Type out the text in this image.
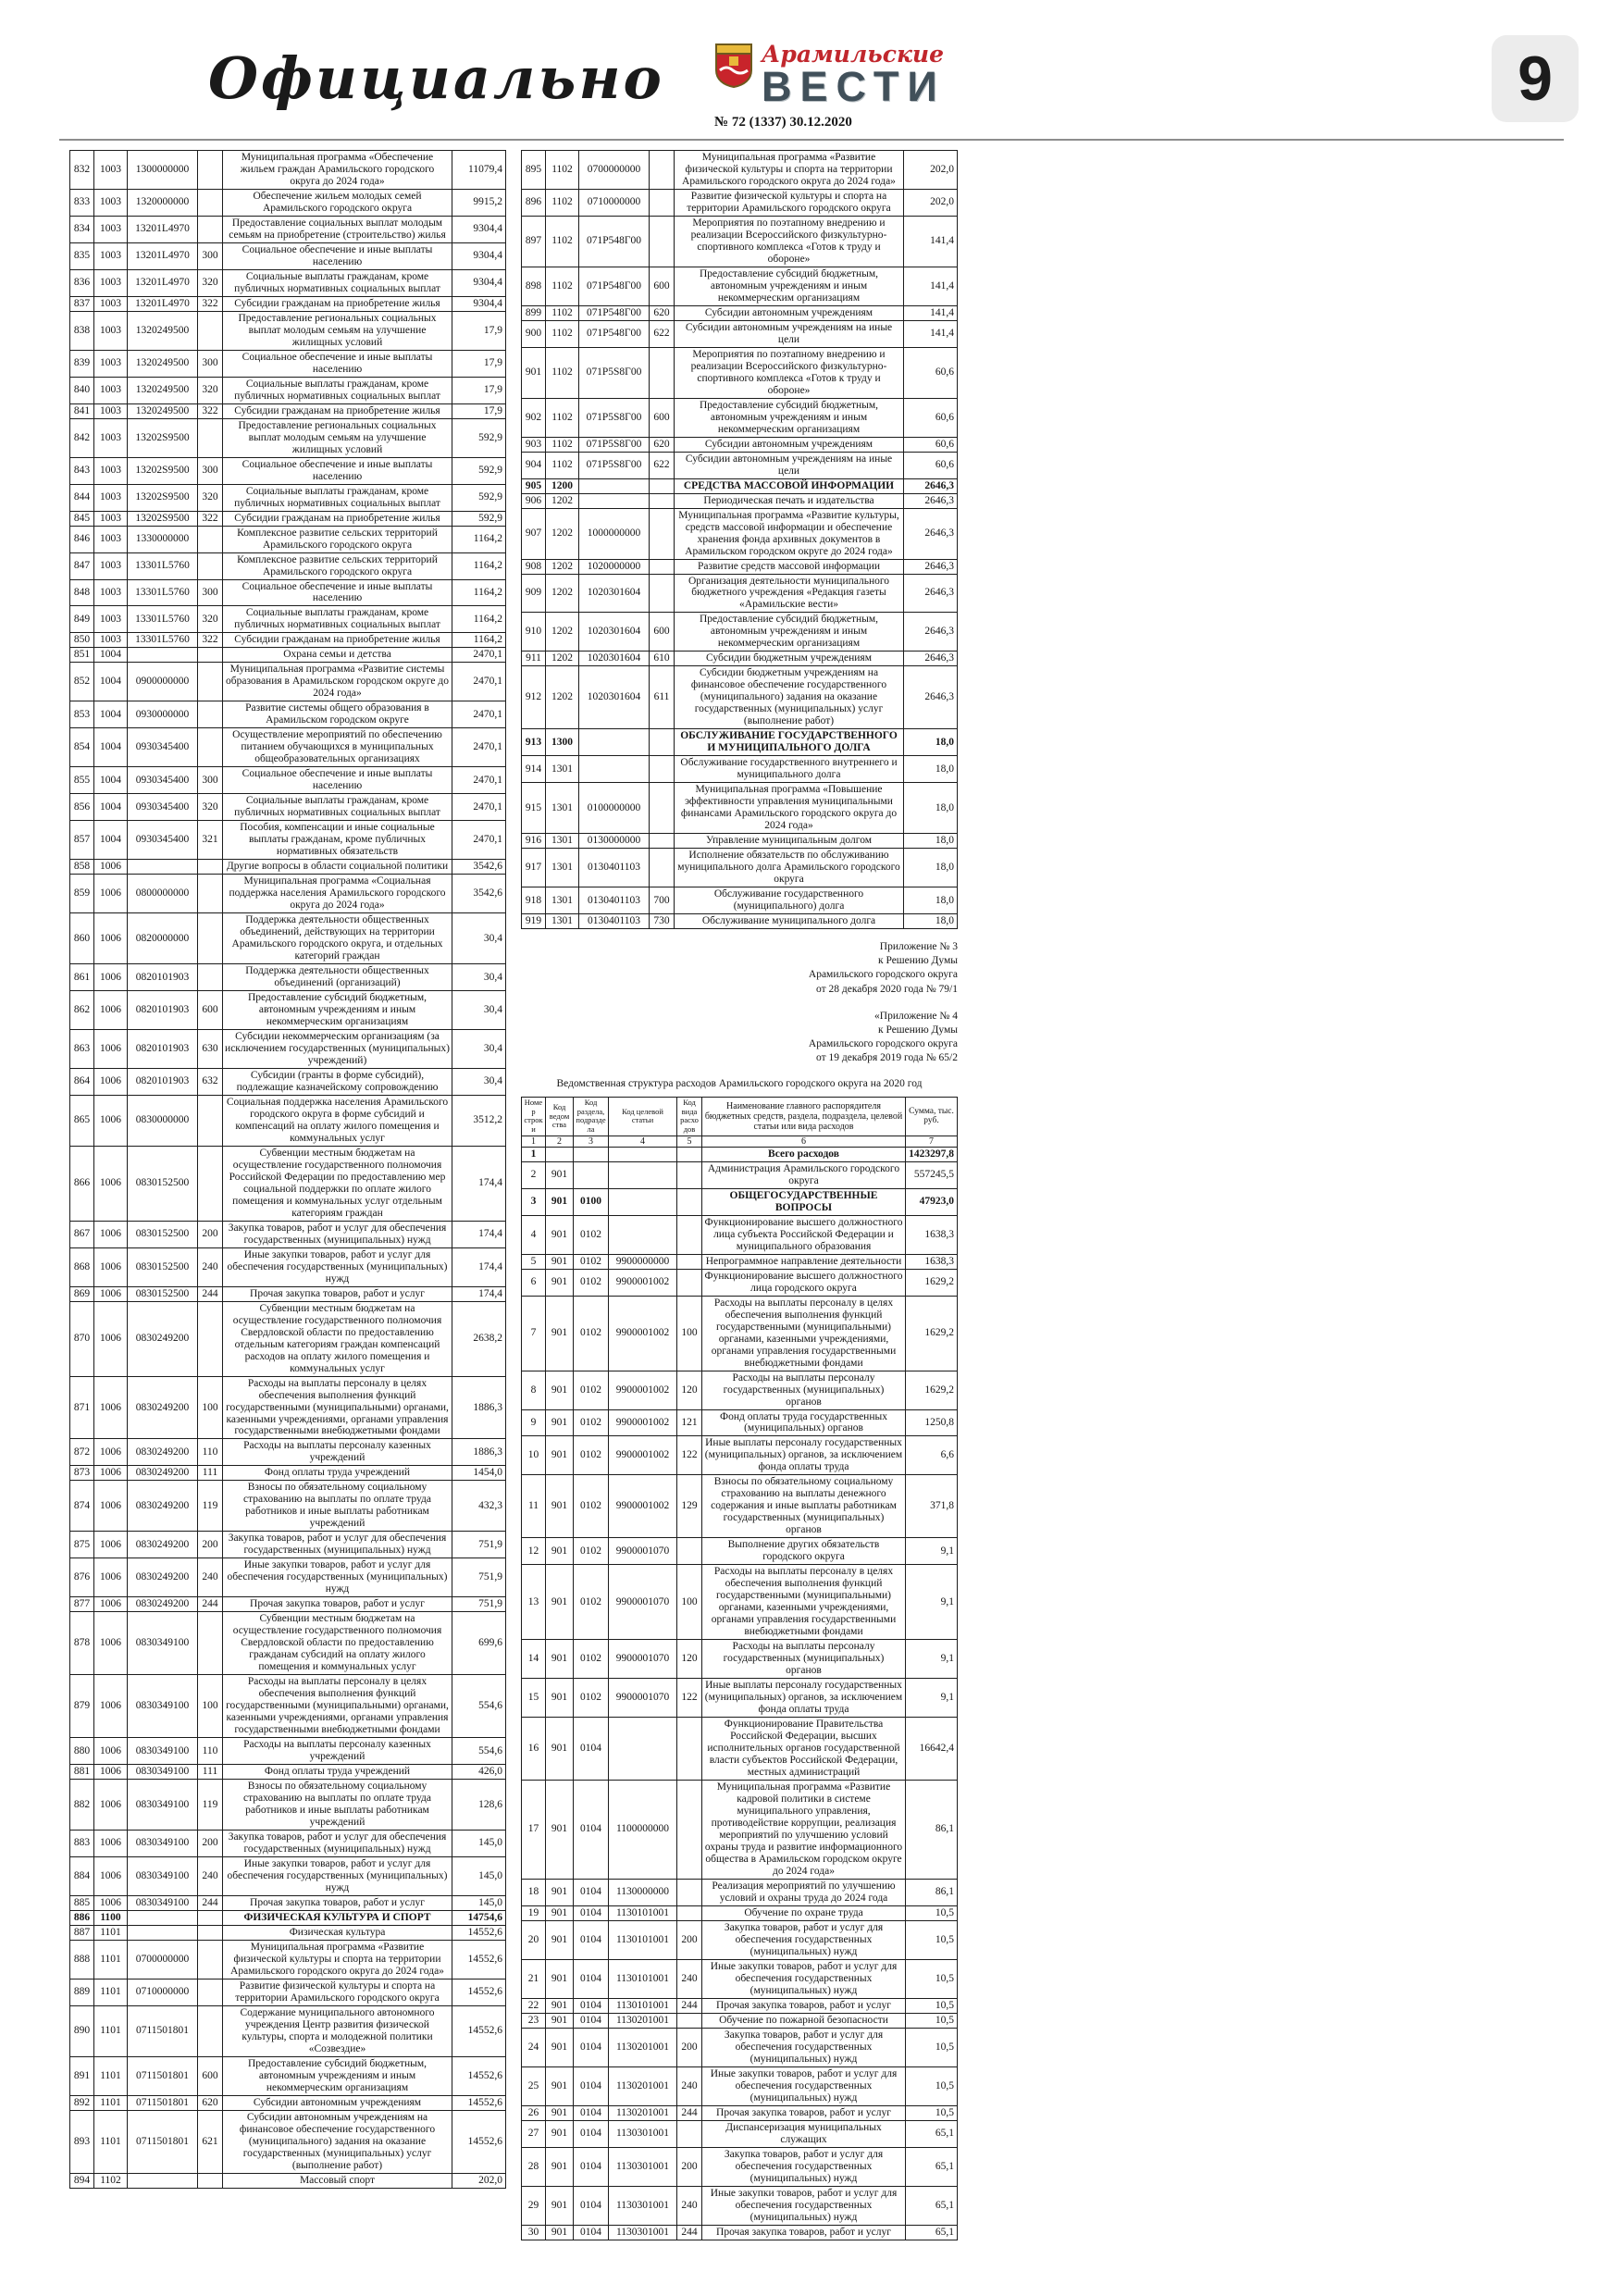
Официально	Арамильские
ВЕСТИ
№ 72 (1337) 30.12.2020
9
832	1003	1300000000		Муниципальная программа «Обеспечение жильем граждан Арамильского городского округа до 2024 года»	11079,4
833	1003	1320000000		Обеспечение жильем молодых семей Арамильского городского округа	9915,2
834	1003	13201L4970		Предоставление социальных выплат молодым семьям на приобретение (строительство) жилья	9304,4
835	1003	13201L4970	300	Социальное обеспечение и иные выплаты населению	9304,4
836	1003	13201L4970	320	Социальные выплаты гражданам, кроме публичных нормативных социальных выплат	9304,4
837	1003	13201L4970	322	Субсидии гражданам на приобретение жилья	9304,4
838	1003	1320249500		Предоставление региональных социальных выплат молодым семьям на улучшение жилищных условий	17,9
839	1003	1320249500	300	Социальное обеспечение и иные выплаты населению	17,9
840	1003	1320249500	320	Социальные выплаты гражданам, кроме публичных нормативных социальных выплат	17,9
841	1003	1320249500	322	Субсидии гражданам на приобретение жилья	17,9
842	1003	13202S9500		Предоставление региональных социальных выплат молодым семьям на улучшение жилищных условий	592,9
843	1003	13202S9500	300	Социальное обеспечение и иные выплаты населению	592,9
844	1003	13202S9500	320	Социальные выплаты гражданам, кроме публичных нормативных социальных выплат	592,9
845	1003	13202S9500	322	Субсидии гражданам на приобретение жилья	592,9
846	1003	1330000000		Комплексное развитие сельских территорий Арамильского городского округа	1164,2
847	1003	13301L5760		Комплексное развитие сельских территорий Арамильского городского округа	1164,2
848	1003	13301L5760	300	Социальное обеспечение и иные выплаты населению	1164,2
849	1003	13301L5760	320	Социальные выплаты гражданам, кроме публичных нормативных социальных выплат	1164,2
850	1003	13301L5760	322	Субсидии гражданам на приобретение жилья	1164,2
851	1004			Охрана семьи и детства	2470,1
852	1004	0900000000		Муниципальная программа «Развитие системы образования в Арамильском городском округе до 2024 года»	2470,1
853	1004	0930000000		Развитие системы общего образования в Арамильском городском округе	2470,1
854	1004	0930345400		Осуществление мероприятий по обеспечению питанием обучающихся в муниципальных общеобразовательных организациях	2470,1
855	1004	0930345400	300	Социальное обеспечение и иные выплаты населению	2470,1
856	1004	0930345400	320	Социальные выплаты гражданам, кроме публичных нормативных социальных выплат	2470,1
857	1004	0930345400	321	Пособия, компенсации и иные социальные выплаты гражданам, кроме публичных нормативных обязательств	2470,1
858	1006			Другие вопросы в области социальной политики	3542,6
859	1006	0800000000		Муниципальная программа «Социальная поддержка населения Арамильского городского округа до 2024 года»	3542,6
860	1006	0820000000		Поддержка деятельности общественных объединений, действующих на территории Арамильского городского округа, и отдельных категорий граждан	30,4
861	1006	0820101903		Поддержка деятельности общественных объединений (организаций)	30,4
862	1006	0820101903	600	Предоставление субсидий бюджетным, автономным учреждениям и иным некоммерческим организациям	30,4
863	1006	0820101903	630	Субсидии некоммерческим организациям (за исключением государственных (муниципальных) учреждений)	30,4
864	1006	0820101903	632	Субсидии (гранты в форме субсидий), подлежащие казначейскому сопровождению	30,4
865	1006	0830000000		Социальная поддержка населения Арамильского городского округа в форме субсидий и компенсаций на оплату жилого помещения и коммунальных услуг	3512,2
866	1006	0830152500		Субвенции местным бюджетам на осуществление государственного полномочия Российской Федерации по предоставлению мер социальной поддержки по оплате жилого помещения и коммунальных услуг отдельным категориям граждан	174,4
867	1006	0830152500	200	Закупка товаров, работ и услуг для обеспечения государственных (муниципальных) нужд	174,4
868	1006	0830152500	240	Иные закупки товаров, работ и услуг для обеспечения государственных (муниципальных) нужд	174,4
869	1006	0830152500	244	Прочая закупка товаров, работ и услуг	174,4
870	1006	0830249200		Субвенции местным бюджетам на осуществление государственного полномочия Свердловской области по предоставлению отдельным категориям граждан компенсаций расходов на оплату жилого помещения и коммунальных услуг	2638,2
871	1006	0830249200	100	Расходы на выплаты персоналу в целях обеспечения выполнения функций государственными (муниципальными) органами, казенными учреждениями, органами управления государственными внебюджетными фондами	1886,3
872	1006	0830249200	110	Расходы на выплаты персоналу казенных учреждений	1886,3
873	1006	0830249200	111	Фонд оплаты труда учреждений	1454,0
874	1006	0830249200	119	Взносы по обязательному социальному страхованию на выплаты по оплате труда работников и иные выплаты работникам учреждений	432,3
875	1006	0830249200	200	Закупка товаров, работ и услуг для обеспечения государственных (муниципальных) нужд	751,9
876	1006	0830249200	240	Иные закупки товаров, работ и услуг для обеспечения государственных (муниципальных) нужд	751,9
877	1006	0830249200	244	Прочая закупка товаров, работ и услуг	751,9
878	1006	0830349100		Субвенции местным бюджетам на осуществление государственного полномочия Свердловской области по предоставлению гражданам субсидий на оплату жилого помещения и коммунальных услуг	699,6
879	1006	0830349100	100	Расходы на выплаты персоналу в целях обеспечения выполнения функций государственными (муниципальными) органами, казенными учреждениями, органами управления государственными внебюджетными фондами	554,6
880	1006	0830349100	110	Расходы на выплаты персоналу казенных учреждений	554,6
881	1006	0830349100	111	Фонд оплаты труда учреждений	426,0
882	1006	0830349100	119	Взносы по обязательному социальному страхованию на выплаты по оплате труда работников и иные выплаты работникам учреждений	128,6
883	1006	0830349100	200	Закупка товаров, работ и услуг для обеспечения государственных (муниципальных) нужд	145,0
884	1006	0830349100	240	Иные закупки товаров, работ и услуг для обеспечения государственных (муниципальных) нужд	145,0
885	1006	0830349100	244	Прочая закупка товаров, работ и услуг	145,0
886	1100			ФИЗИЧЕСКАЯ КУЛЬТУРА И СПОРТ	14754,6
887	1101			Физическая культура	14552,6
888	1101	0700000000		Муниципальная программа «Развитие физической культуры и спорта на территории Арамильского городского округа до 2024 года»	14552,6
889	1101	0710000000		Развитие физической культуры и спорта на территории Арамильского городского округа	14552,6
890	1101	0711501801		Содержание муниципального автономного учреждения Центр развития физической культуры, спорта и молодежной политики «Созвездие»	14552,6
891	1101	0711501801	600	Предоставление субсидий бюджетным, автономным учреждениям и иным некоммерческим организациям	14552,6
892	1101	0711501801	620	Субсидии автономным учреждениям	14552,6
893	1101	0711501801	621	Субсидии автономным учреждениям на финансовое обеспечение государственного (муниципального) задания на оказание государственных (муниципальных) услуг (выполнение работ)	14552,6
894	1102			Массовый спорт	202,0
895	1102	0700000000		Муниципальная программа «Развитие физической культуры и спорта на территории Арамильского городского округа до 2024 года»	202,0
896	1102	0710000000		Развитие физической культуры и спорта на территории Арамильского городского округа	202,0
897	1102	071P548Г00		Мероприятия по поэтапному внедрению и реализации Всероссийского физкультурно-спортивного комплекса «Готов к труду и обороне»	141,4
898	1102	071P548Г00	600	Предоставление субсидий бюджетным, автономным учреждениям и иным некоммерческим организациям	141,4
899	1102	071P548Г00	620	Субсидии автономным учреждениям	141,4
900	1102	071P548Г00	622	Субсидии автономным учреждениям на иные цели	141,4
901	1102	071P5S8Г00		Мероприятия по поэтапному внедрению и реализации Всероссийского физкультурно-спортивного комплекса «Готов к труду и обороне»	60,6
902	1102	071P5S8Г00	600	Предоставление субсидий бюджетным, автономным учреждениям и иным некоммерческим организациям	60,6
903	1102	071P5S8Г00	620	Субсидии автономным учреждениям	60,6
904	1102	071P5S8Г00	622	Субсидии автономным учреждениям на иные цели	60,6
905	1200			СРЕДСТВА МАССОВОЙ ИНФОРМАЦИИ	2646,3
906	1202			Периодическая печать и издательства	2646,3
907	1202	1000000000		Муниципальная программа «Развитие культуры, средств массовой информации и обеспечение хранения фонда архивных документов в Арамильском городском округе до 2024 года»	2646,3
908	1202	1020000000		Развитие средств массовой информации	2646,3
909	1202	1020301604		Организация деятельности муниципального бюджетного учреждения «Редакция газеты «Арамильские вести»	2646,3
910	1202	1020301604	600	Предоставление субсидий бюджетным, автономным учреждениям и иным некоммерческим организациям	2646,3
911	1202	1020301604	610	Субсидии бюджетным учреждениям	2646,3
912	1202	1020301604	611	Субсидии бюджетным учреждениям на финансовое обеспечение государственного (муниципального) задания на оказание государственных (муниципальных) услуг (выполнение работ)	2646,3
913	1300			ОБСЛУЖИВАНИЕ ГОСУДАРСТВЕННОГО И МУНИЦИПАЛЬНОГО ДОЛГА	18,0
914	1301			Обслуживание государственного внутреннего и муниципального долга	18,0
915	1301	0100000000		Муниципальная программа «Повышение эффективности управления муниципальными финансами Арамильского городского округа до 2024 года»	18,0
916	1301	0130000000		Управление муниципальным долгом	18,0
917	1301	0130401103		Исполнение обязательств по обслуживанию муниципального долга Арамильского городского округа	18,0
918	1301	0130401103	700	Обслуживание государственного (муниципального) долга	18,0
919	1301	0130401103	730	Обслуживание муниципального долга	18,0
Приложение № 3
к Решению Думы
Арамильского городского округа
от 28 декабря 2020 года № 79/1
«Приложение № 4
к Решению Думы
Арамильского городского округа
от 19 декабря 2019 года № 65/2
Ведомственная структура расходов Арамильского городского округа на 2020 год
Номер строки	Код ведомства	Код раздела, подраздела	Код целевой статьи	Код вида расходов	Наименование главного распорядителя бюджетных средств, раздела, подраздела, целевой статьи или вида расходов	Сумма, тыс. руб.
1	2	3	4	5	6	7
1					Всего расходов	1423297,8
2	901				Администрация Арамильского городского округа	557245,5
3	901	0100			ОБЩЕГОСУДАРСТВЕННЫЕ ВОПРОСЫ	47923,0
4	901	0102			Функционирование высшего должностного лица субъекта Российской Федерации и муниципального образования	1638,3
5	901	0102	9900000000		Непрограммное направление деятельности	1638,3
6	901	0102	9900001002		Функционирование высшего должностного лица городского округа	1629,2
7	901	0102	9900001002	100	Расходы на выплаты персоналу в целях обеспечения выполнения функций государственными (муниципальными) органами, казенными учреждениями, органами управления государственными внебюджетными фондами	1629,2
8	901	0102	9900001002	120	Расходы на выплаты персоналу государственных (муниципальных) органов	1629,2
9	901	0102	9900001002	121	Фонд оплаты труда государственных (муниципальных) органов	1250,8
10	901	0102	9900001002	122	Иные выплаты персоналу государственных (муниципальных) органов, за исключением фонда оплаты труда	6,6
11	901	0102	9900001002	129	Взносы по обязательному социальному страхованию на выплаты денежного содержания и иные выплаты работникам государственных (муниципальных) органов	371,8
12	901	0102	9900001070		Выполнение других обязательств городского округа	9,1
13	901	0102	9900001070	100	Расходы на выплаты персоналу в целях обеспечения выполнения функций государственными (муниципальными) органами, казенными учреждениями, органами управления государственными внебюджетными фондами	9,1
14	901	0102	9900001070	120	Расходы на выплаты персоналу государственных (муниципальных) органов	9,1
15	901	0102	9900001070	122	Иные выплаты персоналу государственных (муниципальных) органов, за исключением фонда оплаты труда	9,1
16	901	0104			Функционирование Правительства Российской Федерации, высших исполнительных органов государственной власти субъектов Российской Федерации, местных администраций	16642,4
17	901	0104	1100000000		Муниципальная программа «Развитие кадровой политики в системе муниципального управления, противодействие коррупции, реализация мероприятий по улучшению условий охраны труда и развитие информационного общества в Арамильском городском округе до 2024 года»	86,1
18	901	0104	1130000000		Реализация мероприятий по улучшению условий и охраны труда до 2024 года	86,1
19	901	0104	1130101001		Обучение по охране труда	10,5
20	901	0104	1130101001	200	Закупка товаров, работ и услуг для обеспечения государственных (муниципальных) нужд	10,5
21	901	0104	1130101001	240	Иные закупки товаров, работ и услуг для обеспечения государственных (муниципальных) нужд	10,5
22	901	0104	1130101001	244	Прочая закупка товаров, работ и услуг	10,5
23	901	0104	1130201001		Обучение по пожарной безопасности	10,5
24	901	0104	1130201001	200	Закупка товаров, работ и услуг для обеспечения государственных (муниципальных) нужд	10,5
25	901	0104	1130201001	240	Иные закупки товаров, работ и услуг для обеспечения государственных (муниципальных) нужд	10,5
26	901	0104	1130201001	244	Прочая закупка товаров, работ и услуг	10,5
27	901	0104	1130301001		Диспансеризация муниципальных служащих	65,1
28	901	0104	1130301001	200	Закупка товаров, работ и услуг для обеспечения государственных (муниципальных) нужд	65,1
29	901	0104	1130301001	240	Иные закупки товаров, работ и услуг для обеспечения государственных (муниципальных) нужд	65,1
30	901	0104	1130301001	244	Прочая закупка товаров, работ и услуг	65,1
